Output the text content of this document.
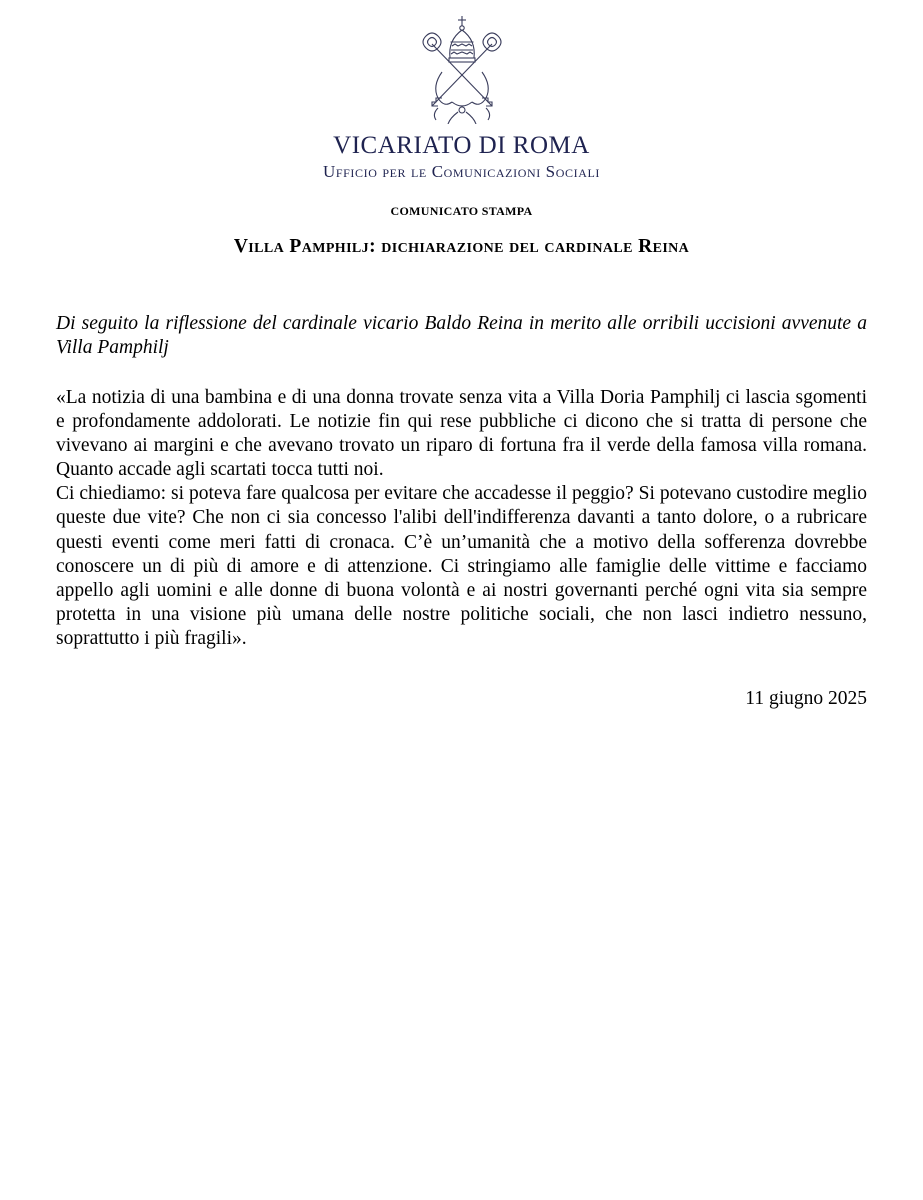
VICARIATO DI ROMA
Ufficio per le Comunicazioni Sociali
COMUNICATO STAMPA
Villa Pamphilj: dichiarazione del cardinale Reina
Di seguito la riflessione del cardinale vicario Baldo Reina in merito alle orribili uccisioni avvenute a Villa Pamphilj

«La notizia di una bambina e di una donna trovate senza vita a Villa Doria Pamphilj ci lascia sgomenti e profondamente addolorati. Le notizie fin qui rese pubbliche ci dicono che si tratta di persone che vivevano ai margini e che avevano trovato un riparo di fortuna fra il verde della famosa villa romana. Quanto accade agli scartati tocca tutti noi.

Ci chiediamo: si poteva fare qualcosa per evitare che accadesse il peggio? Si potevano custodire meglio queste due vite? Che non ci sia concesso l'alibi dell'indifferenza davanti a tanto dolore, o a rubricare questi eventi come meri fatti di cronaca. C’è un’umanità che a motivo della sofferenza dovrebbe conoscere un di più di amore e di attenzione. Ci stringiamo alle famiglie delle vittime e facciamo appello agli uomini e alle donne di buona volontà e ai nostri governanti perché ogni vita sia sempre protetta in una visione più umana delle nostre politiche sociali, che non lasci indietro nessuno, soprattutto i più fragili».

11 giugno 2025
